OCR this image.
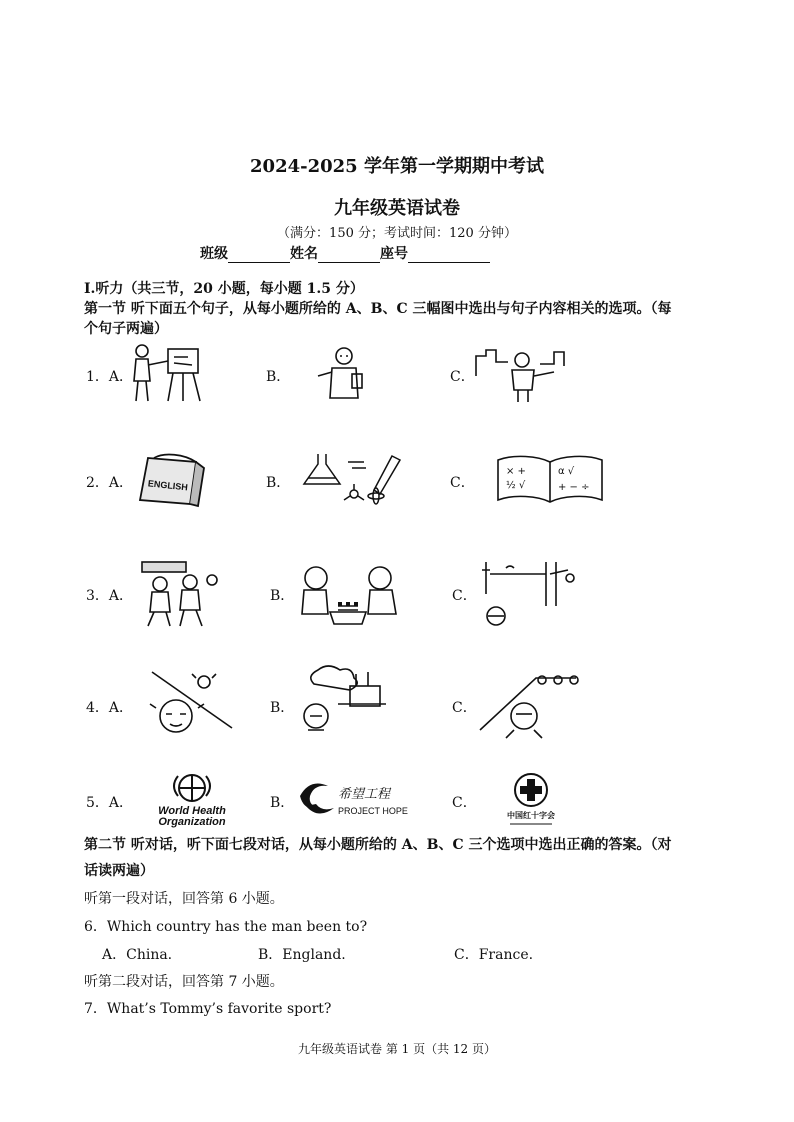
2024-2025 学年第一学期期中考试
九年级英语试卷
（满分：150 分；考试时间：120 分钟）
班级	姓名	座号
Ⅰ.听力（共三节，20 小题，每小题 1.5 分）
第一节 听下面五个句子，从每小题所给的 A、B、C 三幅图中选出与句子内容相关的选项。（每
个句子两遍）
1．A．	B．	C．
2．A． ENGLISH	B．	C．
× +
½ √
α √
+ − ÷
3．A．	B．	C．
4．A．	B．	C．
5．A． World Health
Organization
B．
希望工程
PROJECT HOPE	C．
中国红十字会
第二节 听对话，听下面七段对话，从每小题所给的 A、B、C 三个选项中选出正确的答案。（对
话读两遍）
听第一段对话，回答第 6 小题。
6．Which country has the man been to?
A．China.	B．England.	C．France.
听第二段对话，回答第 7 小题。
7．What’s Tommy’s favorite sport?
九年级英语试卷 第 1 页（共 12 页）
